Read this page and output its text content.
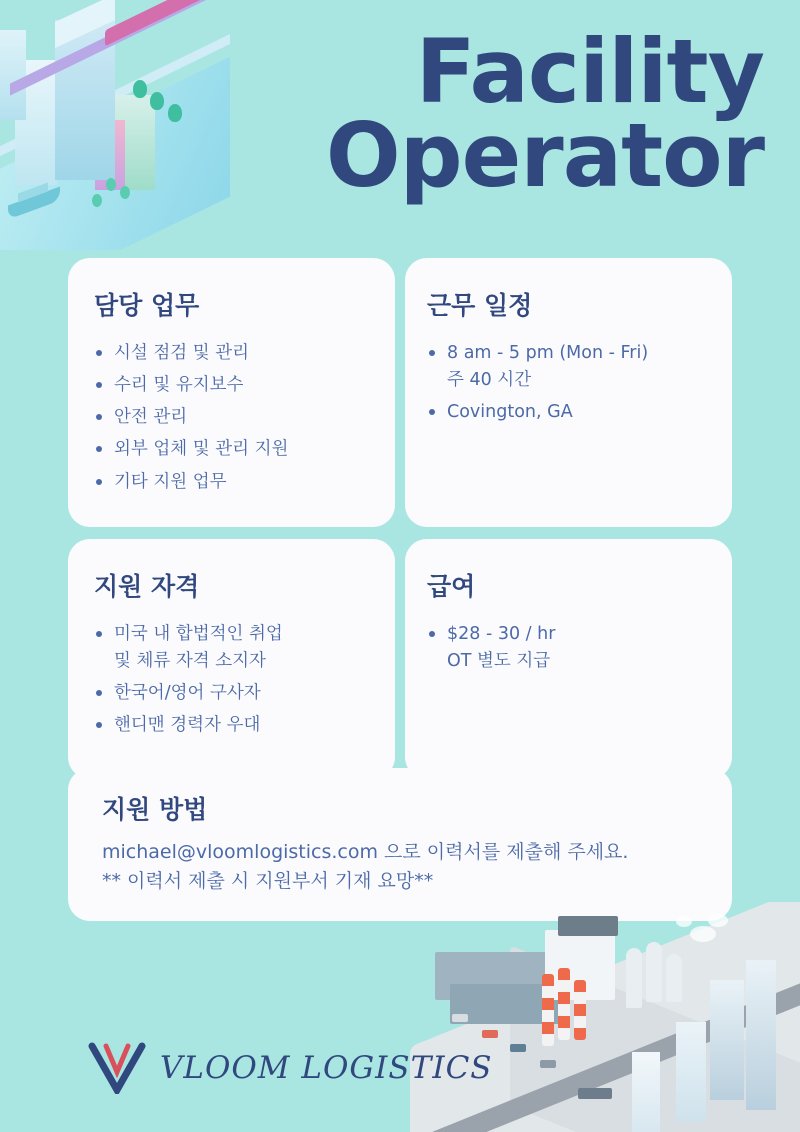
Facility
Operator
담당 업무
시설 점검 및 관리
수리 및 유지보수
안전 관리
외부 업체 및 관리 지원
기타 지원 업무
근무 일정
8 am - 5 pm (Mon - Fri)
주 40 시간
Covington, GA
지원 자격
미국 내 합법적인 취업
및 체류 자격 소지자
한국어/영어 구사자
핸디맨 경력자 우대
급여
$28 - 30 / hr
OT 별도 지급
지원 방법

michael@vloomlogistics.com 으로 이력서를 제출해 주세요.

** 이력서 제출 시 지원부서 기재 요망**

VLOOM LOGISTICS
